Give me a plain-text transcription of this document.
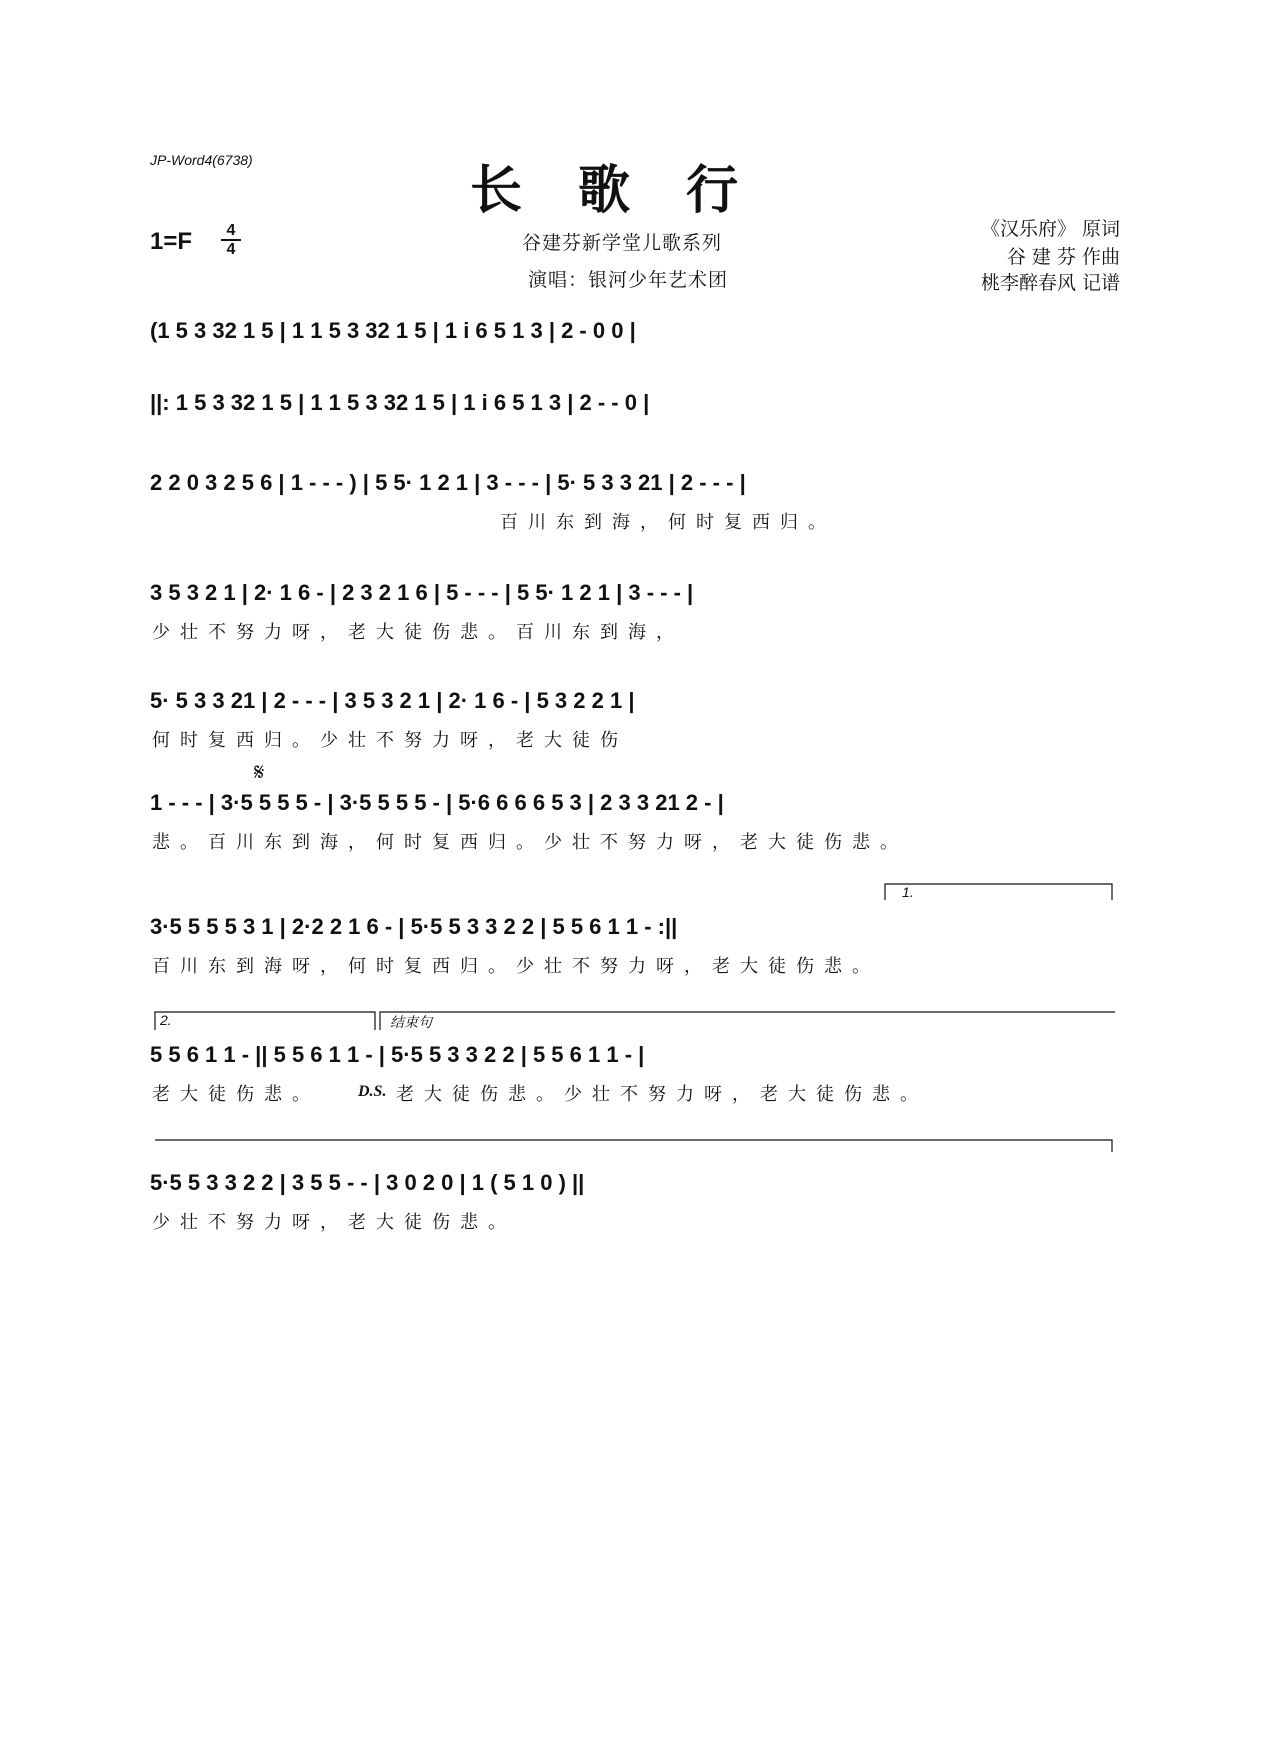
JP-Word4(6738)	长歌行
1=F	4
4	谷建芬新学堂儿歌系列
演唱：银河少年艺术团
《汉乐府》 原词
谷 建 芬 作曲
桃李醉春风 记谱
(1 5 3 32 1 5 | 1 1 5 3 32 1 5 | 1 i 6 5 1 3 | 2 - 0 0 |
||: 1 5 3 32 1 5 | 1 1 5 3 32 1 5 | 1 i 6 5 1 3 | 2 - - 0 |
2 2 0 3 2 5 6 | 1 - - - ) | 5 5· 1 2 1 | 3 - - - | 5· 5 3 3 21 | 2 - - - |
百川东到海，何时复西归。
3 5 3 2 1 | 2· 1 6 - | 2 3 2 1 6 | 5 - - - | 5 5· 1 2 1 | 3 - - - |
少壮不努力呀，老大徒伤悲。百川东到海，
5· 5 3 3 21 | 2 - - - | 3 5 3 2 1 | 2· 1 6 - | 5 3 2 2 1 |
何时复西归。少壮不努力呀，老大徒伤
𝄋
1 - - - | 3·5 5 5 5 - | 3·5 5 5 5 - | 5·6 6 6 6 5 3 | 2 3 3 21 2 - |
悲。百川东到海，何时复西归。少壮不努力呀，老大徒伤悲。
1.
3·5 5 5 5 3 1 | 2·2 2 1 6 - | 5·5 5 3 3 2 2 | 5 5 6 1 1 - :||
百川东到海呀，何时复西归。少壮不努力呀，老大徒伤悲。
2.	结束句
5 5 6 1 1 - || 5 5 6 1 1 - | 5·5 5 3 3 2 2 | 5 5 6 1 1 - |
老大徒伤悲。 D.S. 老大徒伤悲。少壮不努力呀，老大徒伤悲。
5·5 5 3 3 2 2 | 3 5 5 - - | 3 0 2 0 | 1 ( 5 1 0 ) ||
少壮不努力呀，老大徒伤悲。
